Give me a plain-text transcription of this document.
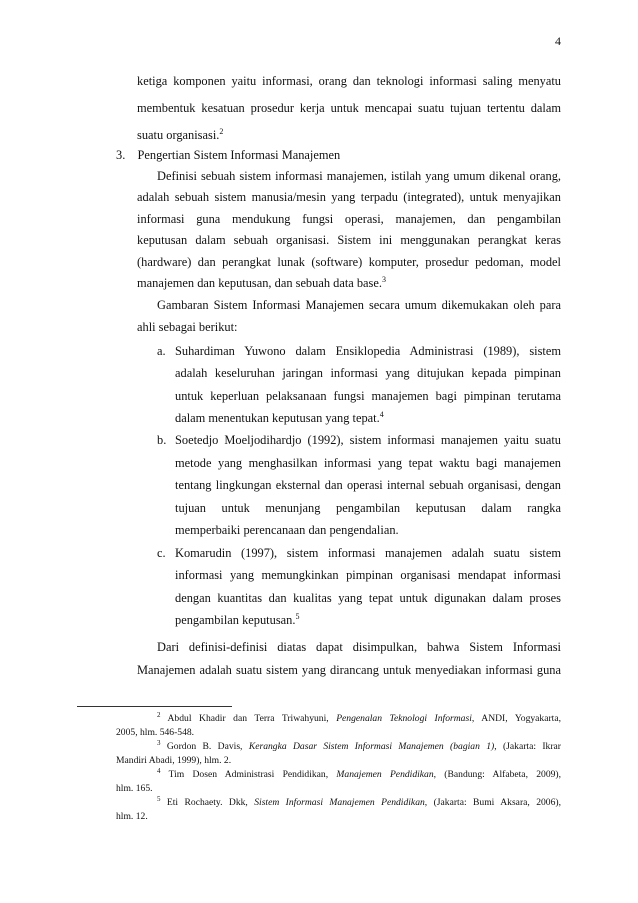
4
ketiga komponen yaitu informasi, orang dan teknologi informasi saling menyatu
membentuk kesatuan prosedur kerja untuk mencapai suatu tujuan tertentu dalam
suatu organisasi.$^2$
3. Pengertian Sistem Informasi Manajemen
Definisi sebuah sistem informasi manajemen, istilah yang umum dikenal orang,
adalah sebuah sistem manusia/mesin yang terpadu (integrated), untuk menyajikan
informasi guna mendukung fungsi operasi, manajemen, dan pengambilan
keputusan dalam sebuah organisasi. Sistem ini menggunakan perangkat keras
(hardware) dan perangkat lunak (software) komputer, prosedur pedoman, model
manajemen dan keputusan, dan sebuah data base.$^3$
Gambaran Sistem Informasi Manajemen secara umum dikemukakan oleh para
ahli sebagai berikut:
a. Suhardiman Yuwono dalam Ensiklopedia Administrasi (1989), sistem
adalah keseluruhan jaringan informasi yang ditujukan kepada pimpinan
untuk keperluan pelaksanaan fungsi manajemen bagi pimpinan terutama
dalam menentukan keputusan yang tepat.$^4$
b. Soetedjo Moeljodihardjo (1992), sistem informasi manajemen yaitu suatu
metode yang menghasilkan informasi yang tepat waktu bagi manajemen
tentang lingkungan eksternal dan operasi internal sebuah organisasi, dengan
tujuan untuk menunjang pengambilan keputusan dalam rangka
memperbaiki perencanaan dan pengendalian.
c. Komarudin (1997), sistem informasi manajemen adalah suatu sistem
informasi yang memungkinkan pimpinan organisasi mendapat informasi
dengan kuantitas dan kualitas yang tepat untuk digunakan dalam proses
pengambilan keputusan.$^5$
Dari definisi-definisi diatas dapat disimpulkan, bahwa Sistem Informasi
Manajemen adalah suatu sistem yang dirancang untuk menyediakan informasi guna
$^2$ Abdul Khadir dan Terra Triwahyuni, Pengenalan Teknologi Informasi, ANDI, Yogyakarta,
2005, hlm. 546-548.
$^3$ Gordon B. Davis, Kerangka Dasar Sistem Informasi Manajemen (bagian 1), (Jakarta: Ikrar
Mandiri Abadi, 1999), hlm. 2.
$^4$ Tim Dosen Administrasi Pendidikan, Manajemen Pendidikan, (Bandung: Alfabeta, 2009),
hlm. 165.
$^5$ Eti Rochaety. Dkk, Sistem Informasi Manajemen Pendidikan, (Jakarta: Bumi Aksara, 2006),
hlm. 12.
